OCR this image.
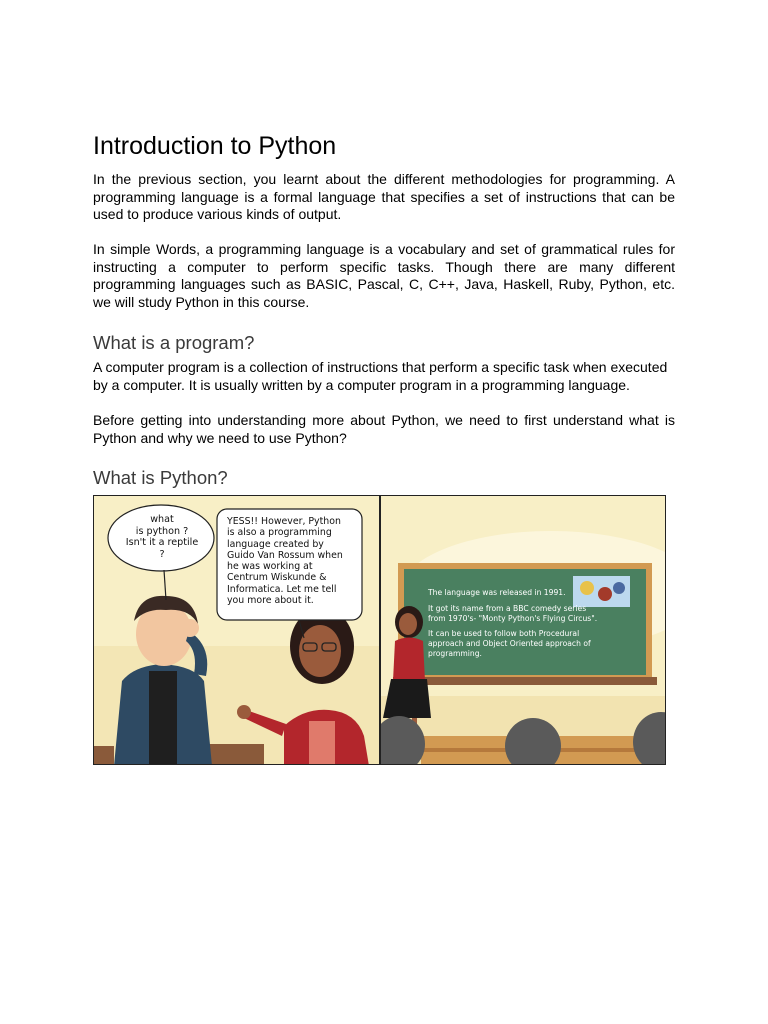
Introduction to Python

In the previous section, you learnt about the different methodologies for programming. A programming language is a formal language that specifies a set of instructions that can be used to produce various kinds of output.

In simple Words, a programming language is a vocabulary and set of grammatical rules for instructing a computer to perform specific tasks. Though there are many different programming languages such as BASIC, Pascal, C, C++, Java, Haskell, Ruby, Python, etc. we will study Python in this course.

What is a program?

A computer program is a collection of instructions that perform a specific task when executed by a computer. It is usually written by a computer program in a programming language.

Before getting into understanding more about Python, we need to first understand what is Python and why we need to use Python?

What is Python?
what
is python ?
Isn't it a reptile
?
YESS!! However, Python
is also a programming
language created by
Guido Van Rossum when
he was working at
Centrum Wiskunde &
Informatica. Let me tell
you more about it.
The language was released in 1991.
It got its name from a BBC comedy series
from 1970's- "Monty Python's Flying Circus".
It can be used to follow both Procedural
approach and Object Oriented approach of
programming.
